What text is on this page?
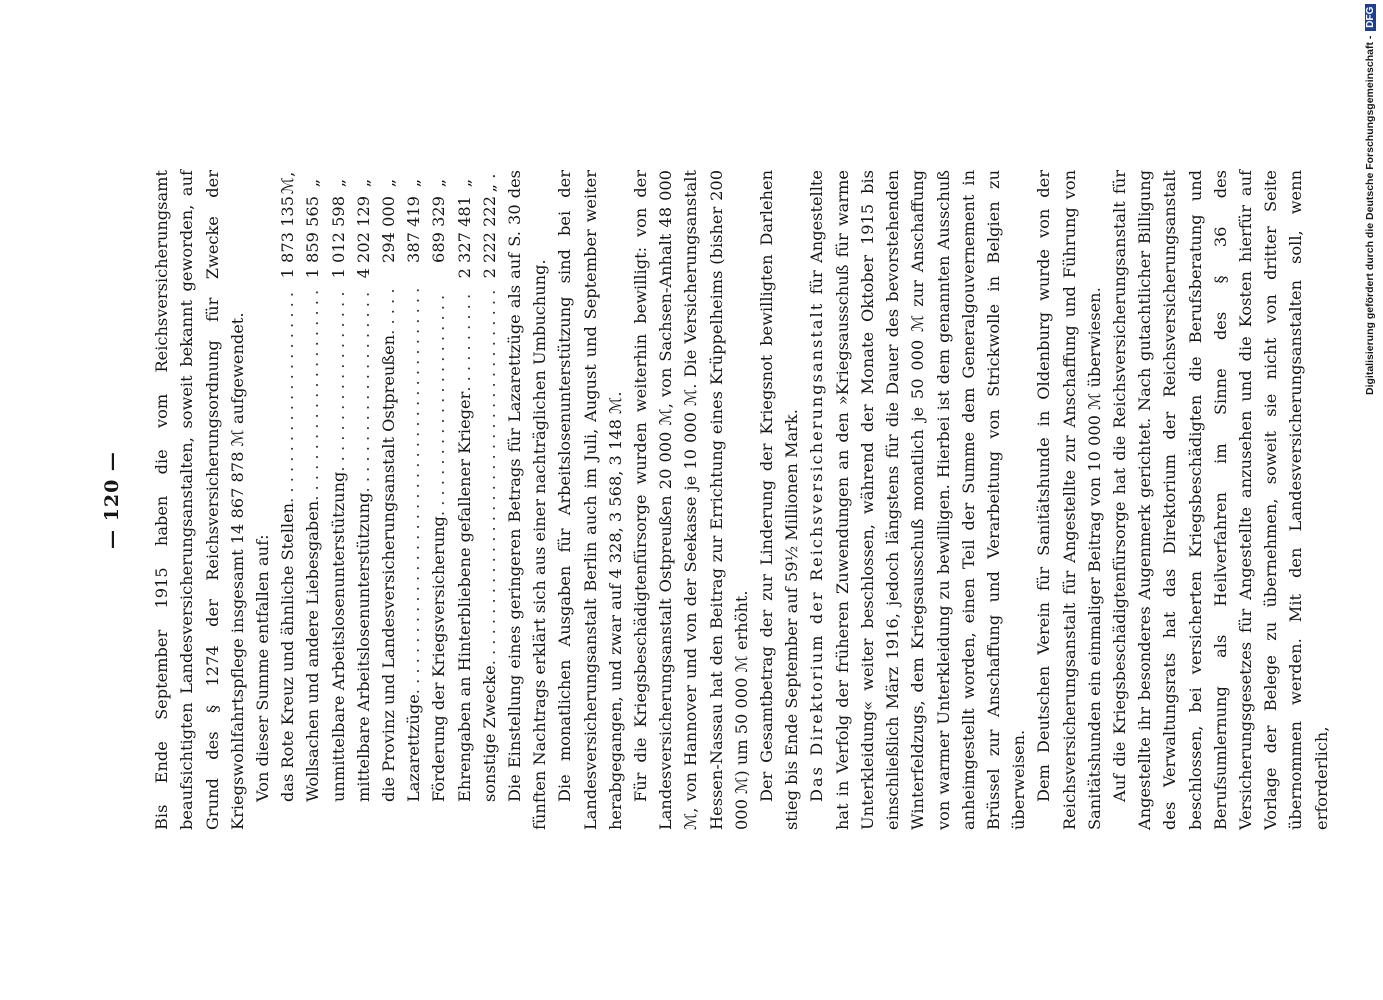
— 120 — Bis Ende September 1915 haben die vom Reichsversicherungsamt beaufsichtigten Landesversicherungsanstalten, soweit bekannt geworden, auf Grund des § 1274 der Reichsversicherungsordnung für Zwecke der Kriegswohlfahrtspflege insgesamt 14 867 878 ℳ aufgewendet. Von dieser Summe entfallen auf: das Rote Kreuz und ähnliche Stellen
. . .
1 873 135
ℳ,
Wollsachen und andere Liebesgaben
. . .
1 859 565
„
unmittelbare Arbeitslosenunterstützung
. . .
1 012 598
„
mittelbare Arbeitslosenunterstützung
. . .
4 202 129
„
die Provinz und Landesversicherungsanstalt Ostpreußen
. . .
294 000
„
Lazarettzüge
. . .
387 419
„
Förderung der Kriegsversicherung
. . .
689 329
„
Ehrengaben an Hinterbliebene gefallener Krieger
. . .
2 327 481
„
sonstige Zwecke
. . .
2 222 222
„ . Die Einstellung eines geringeren Betrags für Lazarettzüge als auf S. 30 des fünften Nachtrags erklärt sich aus einer nachträglichen Umbuchung. Die monatlichen Ausgaben für Arbeitslosenunterstützung sind bei der Landesversicherungsanstalt Berlin auch im Juli, August und September weiter herabgegangen, und zwar auf 4 328, 3 568, 3 148 ℳ. Für die Kriegsbeschädigtenfürsorge wurden weiterhin bewilligt: von der Landesversicherungsanstalt Ostpreußen 20 000 ℳ, von Sachsen-Anhalt 48 000 ℳ, von Hannover und von der Seekasse je 10 000 ℳ. Die Versicherungsanstalt Hessen-Nassau hat den Beitrag zur Errichtung eines Krüppelheims (bisher 200 000 ℳ) um 50 000 ℳ erhöht. Der Gesamtbetrag der zur Linderung der Kriegsnot bewilligten Darlehen stieg bis Ende September auf 59½ Millionen Mark. Das Direktorium der Reichsversicherungsanstalt für Angestellte hat in Verfolg der früheren Zuwendungen an den »Kriegsausschuß für warme Unterkleidung« weiter beschlossen, während der Monate Oktober 1915 bis einschließlich März 1916, jedoch längstens für die Dauer des bevorstehenden Winterfeldzugs, dem Kriegsausschuß monatlich je 50 000 ℳ zur Anschaffung von warmer Unterkleidung zu bewilligen. Hierbei ist dem genannten Ausschuß anheimgestellt worden, einen Teil der Summe dem Generalgouvernement in Brüssel zur Anschaffung und Verarbeitung von Strickwolle in Belgien zu überweisen. Dem Deutschen Verein für Sanitätshunde in Oldenburg wurde von der Reichsversicherungsanstalt für Angestellte zur Anschaffung und Führung von Sanitätshunden ein einmaliger Beitrag von 10 000 ℳ überwiesen. Auf die Kriegsbeschädigtenfürsorge hat die Reichsversicherungsanstalt für Angestellte ihr besonderes Augenmerk gerichtet. Nach gutachtlicher Billigung des Verwaltungsrats hat das Direktorium der Reichsversicherungsanstalt beschlossen, bei versicherten Kriegsbeschädigten die Berufsberatung und Berufsumlernung als Heilverfahren im Sinne des § 36 des Versicherungsgesetzes für Angestellte anzusehen und die Kosten hierfür auf Vorlage der Belege zu übernehmen, soweit sie nicht von dritter Seite übernommen werden. Mit den Landesversicherungsanstalten soll, wenn erforderlich,

Digitalisierung gefördert durch die Deutsche Forschungsgemeinschaft - DFG
